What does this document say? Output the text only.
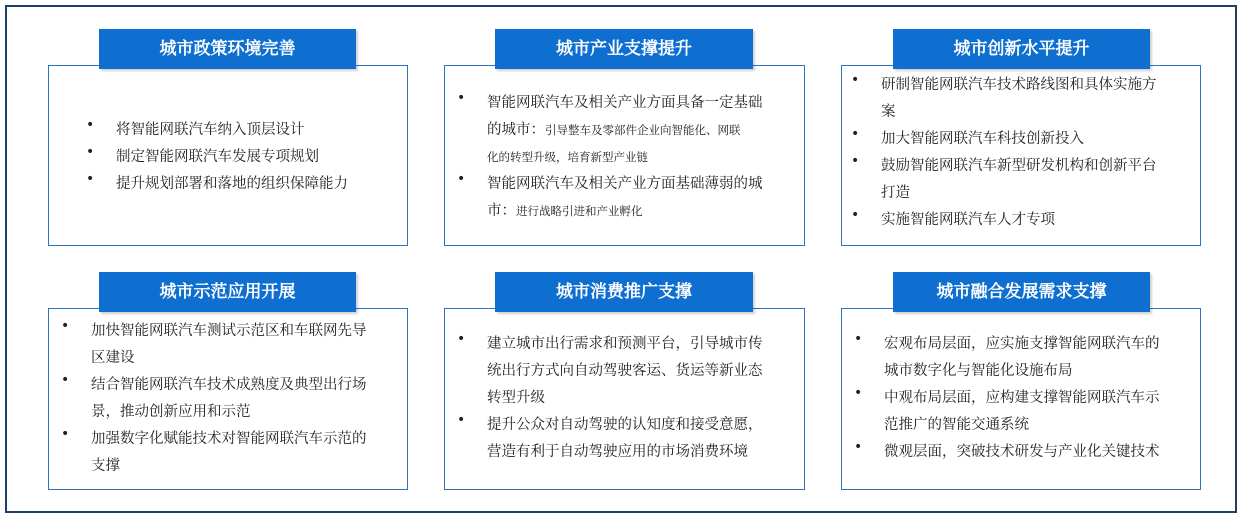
城市政策环境完善
• 将智能网联汽车纳入顶层设计
• 制定智能网联汽车发展专项规划
• 提升规划部署和落地的组织保障能力
城市产业支撑提升
• 智能网联汽车及相关产业方面具备一定基础
的城市：引导整车及零部件企业向智能化、网联
化的转型升级，培育新型产业链
• 智能网联汽车及相关产业方面基础薄弱的城
市：进行战略引进和产业孵化
城市创新水平提升
• 研制智能网联汽车技术路线图和具体实施方
案
• 加大智能网联汽车科技创新投入
• 鼓励智能网联汽车新型研发机构和创新平台
打造
• 实施智能网联汽车人才专项
城市示范应用开展
• 加快智能网联汽车测试示范区和车联网先导
区建设
• 结合智能网联汽车技术成熟度及典型出行场
景，推动创新应用和示范
• 加强数字化赋能技术对智能网联汽车示范的
支撑
城市消费推广支撑
• 建立城市出行需求和预测平台，引导城市传
统出行方式向自动驾驶客运、货运等新业态
转型升级
• 提升公众对自动驾驶的认知度和接受意愿，
营造有利于自动驾驶应用的市场消费环境
城市融合发展需求支撑
• 宏观布局层面，应实施支撑智能网联汽车的
城市数字化与智能化设施布局
• 中观布局层面，应构建支撑智能网联汽车示
范推广的智能交通系统
• 微观层面，突破技术研发与产业化关键技术
